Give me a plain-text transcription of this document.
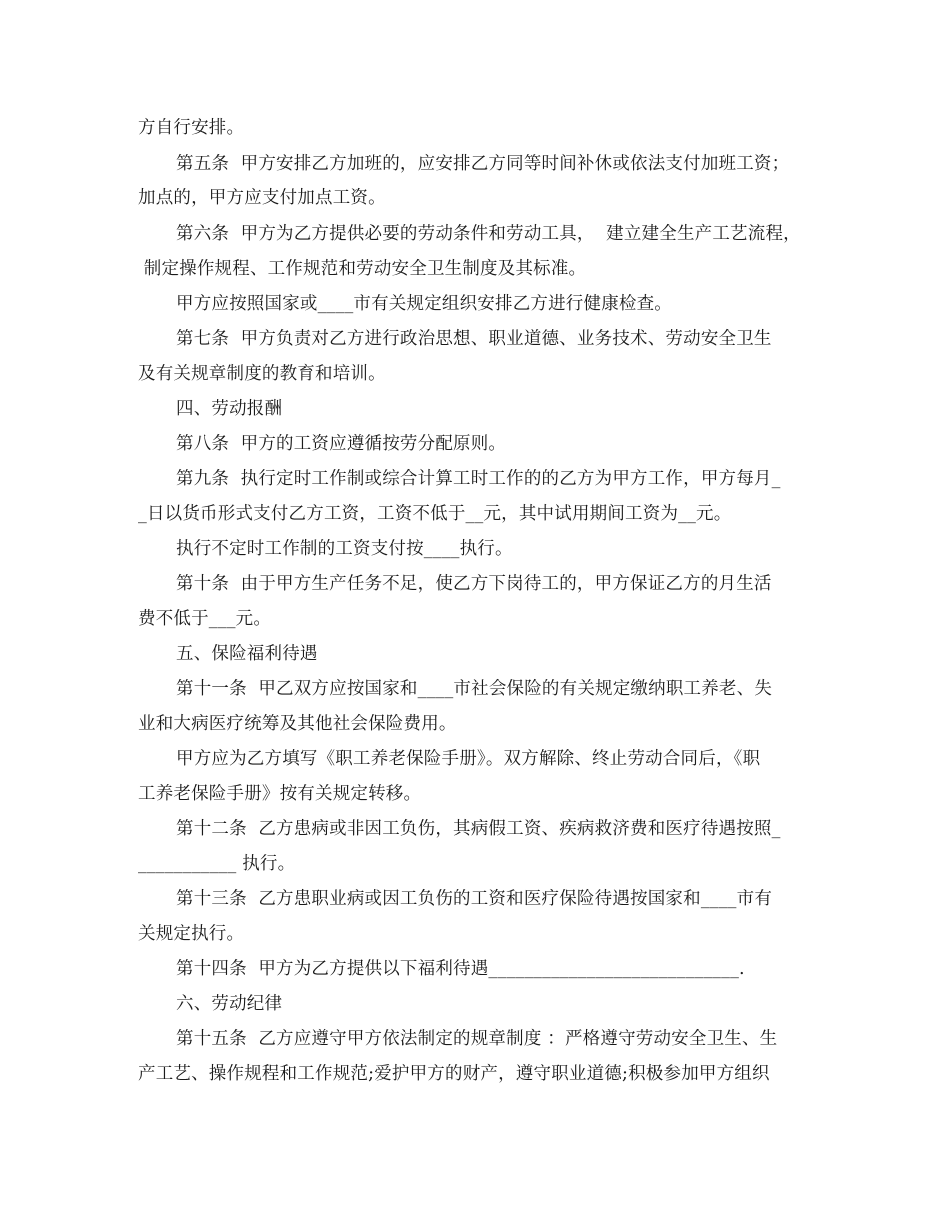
方自行安排。
第五条  甲方安排乙方加班的，应安排乙方同等时间补休或依法支付加班工资；
加点的，甲方应支付加点工资。
第六条  甲方为乙方提供必要的劳动条件和劳动工具，  建立建全生产工艺流程，
制定操作规程、工作规范和劳动安全卫生制度及其标准。
甲方应按照国家或____市有关规定组织安排乙方进行健康检查。
第七条  甲方负责对乙方进行政治思想、职业道德、业务技术、劳动安全卫生
及有关规章制度的教育和培训。
四、劳动报酬
第八条  甲方的工资应遵循按劳分配原则。
第九条  执行定时工作制或综合计算工时工作的的乙方为甲方工作，甲方每月_
_日以货币形式支付乙方工资，工资不低于__元，其中试用期间工资为__元。
执行不定时工作制的工资支付按____执行。
第十条  由于甲方生产任务不足，使乙方下岗待工的，甲方保证乙方的月生活
费不低于___元。
五、保险福利待遇
第十一条  甲乙双方应按国家和____市社会保险的有关规定缴纳职工养老、失
业和大病医疗统筹及其他社会保险费用。
甲方应为乙方填写《职工养老保险手册》。双方解除、终止劳动合同后，《职
工养老保险手册》按有关规定转移。
第十二条  乙方患病或非因工负伤，其病假工资、疾病救济费和医疗待遇按照_
___________ 执行。
第十三条  乙方患职业病或因工负伤的工资和医疗保险待遇按国家和____市有
关规定执行。
第十四条  甲方为乙方提供以下福利待遇____________________________.
六、劳动纪律
第十五条  乙方应遵守甲方依法制定的规章制度 ：严格遵守劳动安全卫生、生
产工艺、操作规程和工作规范;爱护甲方的财产，遵守职业道德;积极参加甲方组织
